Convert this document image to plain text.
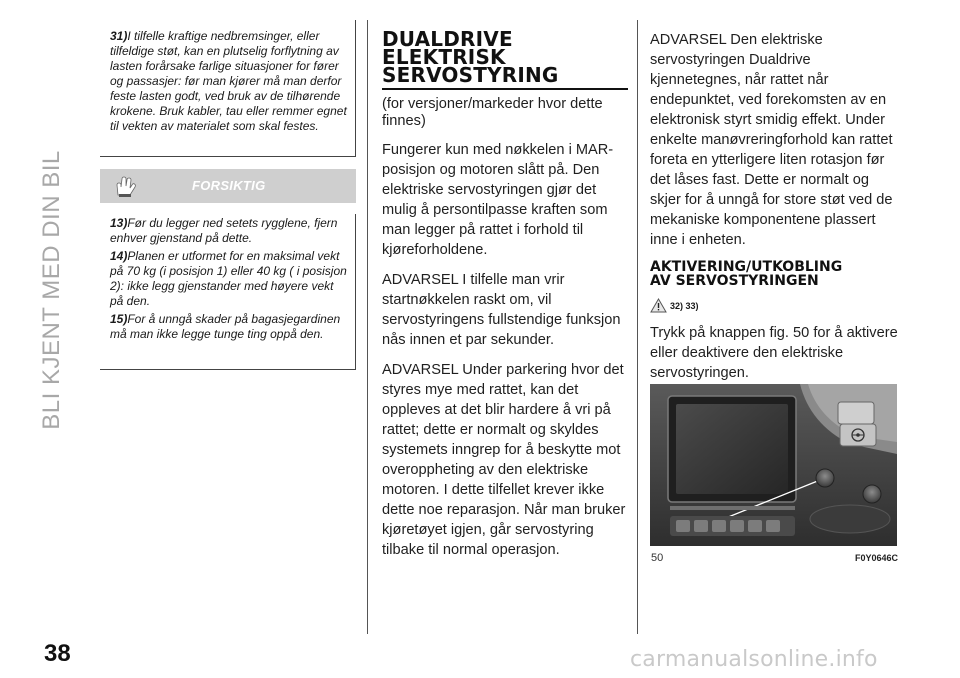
BLI KJENT MED DIN BIL
38

31)I tilfelle kraftige nedbremsinger, eller tilfeldige støt, kan en plutselig forflytning av lasten forårsake farlige situasjoner for fører og passasjer: før man kjører må man derfor feste lasten godt, ved bruk av de tilhørende krokene. Bruk kabler, tau eller remmer egnet til vekten av materialet som skal festes.

FORSIKTIG

13)Før du legger ned setets rygglene, fjern enhver gjenstand på dette.

14)Planen er utformet for en maksimal vekt på 70 kg (i posisjon 1) eller 40 kg ( i posisjon 2): ikke legg gjenstander med høyere vekt på den.

15)For å unngå skader på bagasjegardinen må man ikke legge tunge ting oppå den.

DUALDRIVE
ELEKTRISK
SERVOSTYRING

(for versjoner/markeder hvor dette finnes)

Fungerer kun med nøkkelen i MAR-posisjon og motoren slått på. Den elektriske servostyringen gjør det mulig å persontilpasse kraften som man legger på rattet i forhold til kjøreforholdene.

ADVARSEL I tilfelle man vrir startnøkkelen raskt om, vil servostyringens fullstendige funksjon nås innen et par sekunder.

ADVARSEL Under parkering hvor det styres mye med rattet, kan det oppleves at det blir hardere å vri på rattet; dette er normalt og skyldes systemets inngrep for å beskytte mot overoppheting av den elektriske motoren. I dette tilfellet krever ikke dette noe reparasjon. Når man bruker kjøretøyet igjen, går servostyring tilbake til normal operasjon.

ADVARSEL Den elektriske servostyringen Dualdrive kjennetegnes, når rattet når endepunktet, ved forekomsten av en elektronisk styrt smidig effekt. Under enkelte manøvreringforhold kan rattet foreta en ytterligere liten rotasjon før det låses fast. Dette er normalt og skjer for å unngå for store støt ved de mekaniske komponentene plassert inne i enheten.

AKTIVERING/UTKOBLING
AV SERVOSTYRINGEN
32) 33)

Trykk på knappen fig. 50 for å aktivere eller deaktivere den elektriske servostyringen.

50	F0Y0646C
carmanualsonline.info
